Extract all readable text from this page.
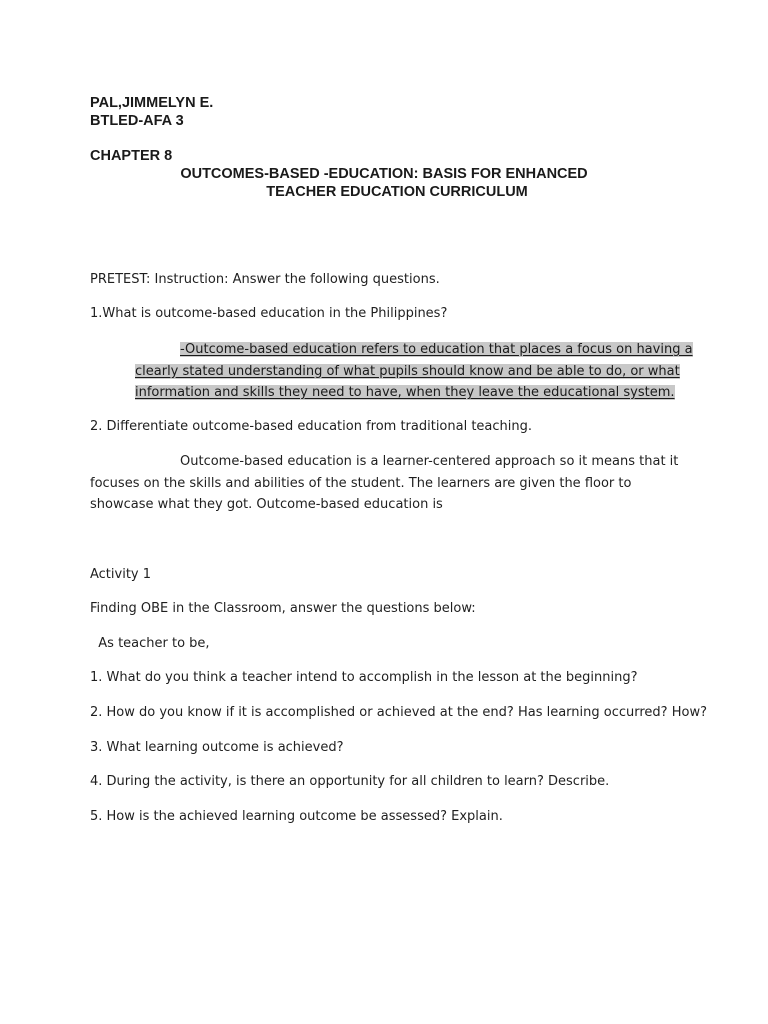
PAL,JIMMELYN E.
BTLED-AFA 3
CHAPTER 8
OUTCOMES-BASED -EDUCATION: BASIS FOR ENHANCED
TEACHER EDUCATION CURRICULUM
PRETEST: Instruction: Answer the following questions.
1.What is outcome-based education in the Philippines?
-Outcome-based education refers to education that places a focus on having a
clearly stated understanding of what pupils should know and be able to do, or what
information and skills they need to have, when they leave the educational system.
2. Differentiate outcome-based education from traditional teaching.
Outcome-based education is a learner-centered approach so it means that it focuses on the skills and abilities of the student. The learners are given the floor to showcase what they got. Outcome-based education is
Activity 1
Finding OBE in the Classroom, answer the questions below:
As teacher to be,
1. What do you think a teacher intend to accomplish in the lesson at the beginning?
2. How do you know if it is accomplished or achieved at the end? Has learning occurred? How?
3. What learning outcome is achieved?
4. During the activity, is there an opportunity for all children to learn? Describe.
5. How is the achieved learning outcome be assessed? Explain.
